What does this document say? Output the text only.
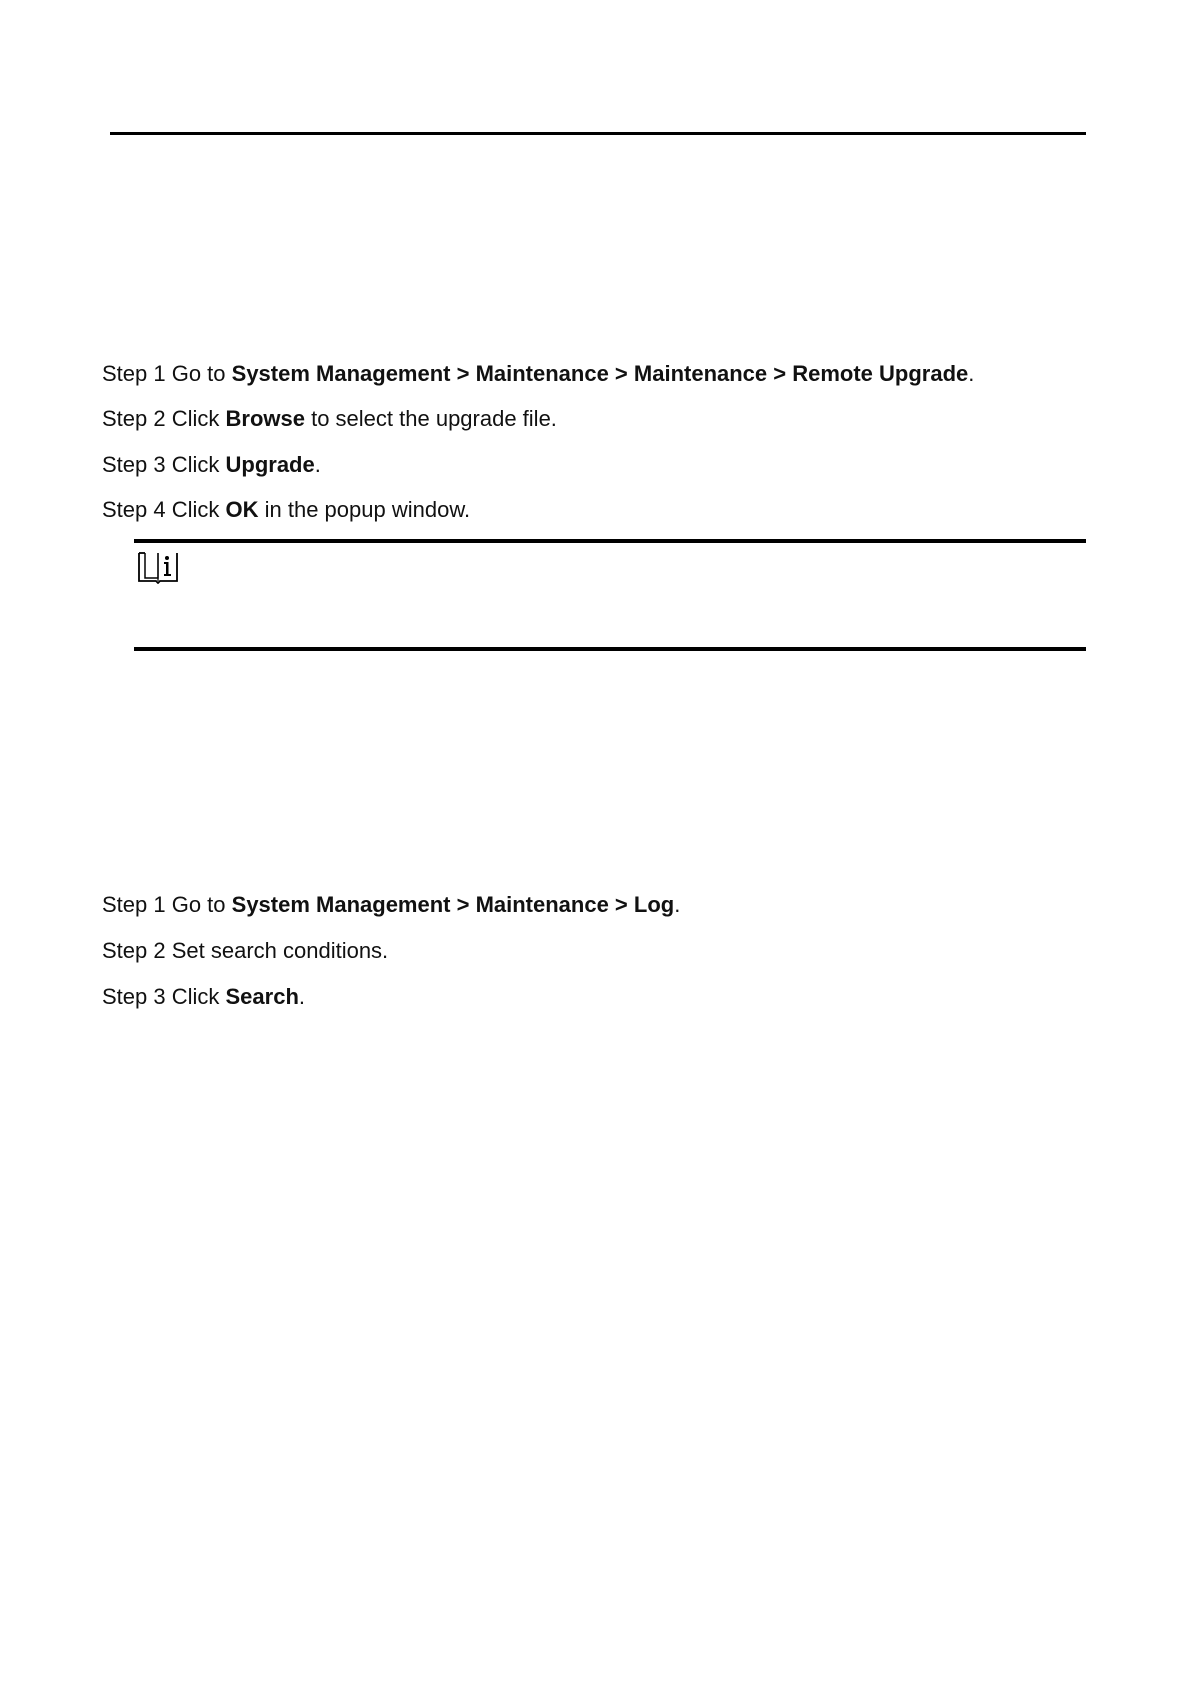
Step 1 Go to System Management > Maintenance > Maintenance > Remote Upgrade.
Step 2 Click Browse to select the upgrade file.
Step 3 Click Upgrade.
Step 4 Click OK in the popup window.
Step 1 Go to System Management > Maintenance > Log.
Step 2 Set search conditions.
Step 3 Click Search.
